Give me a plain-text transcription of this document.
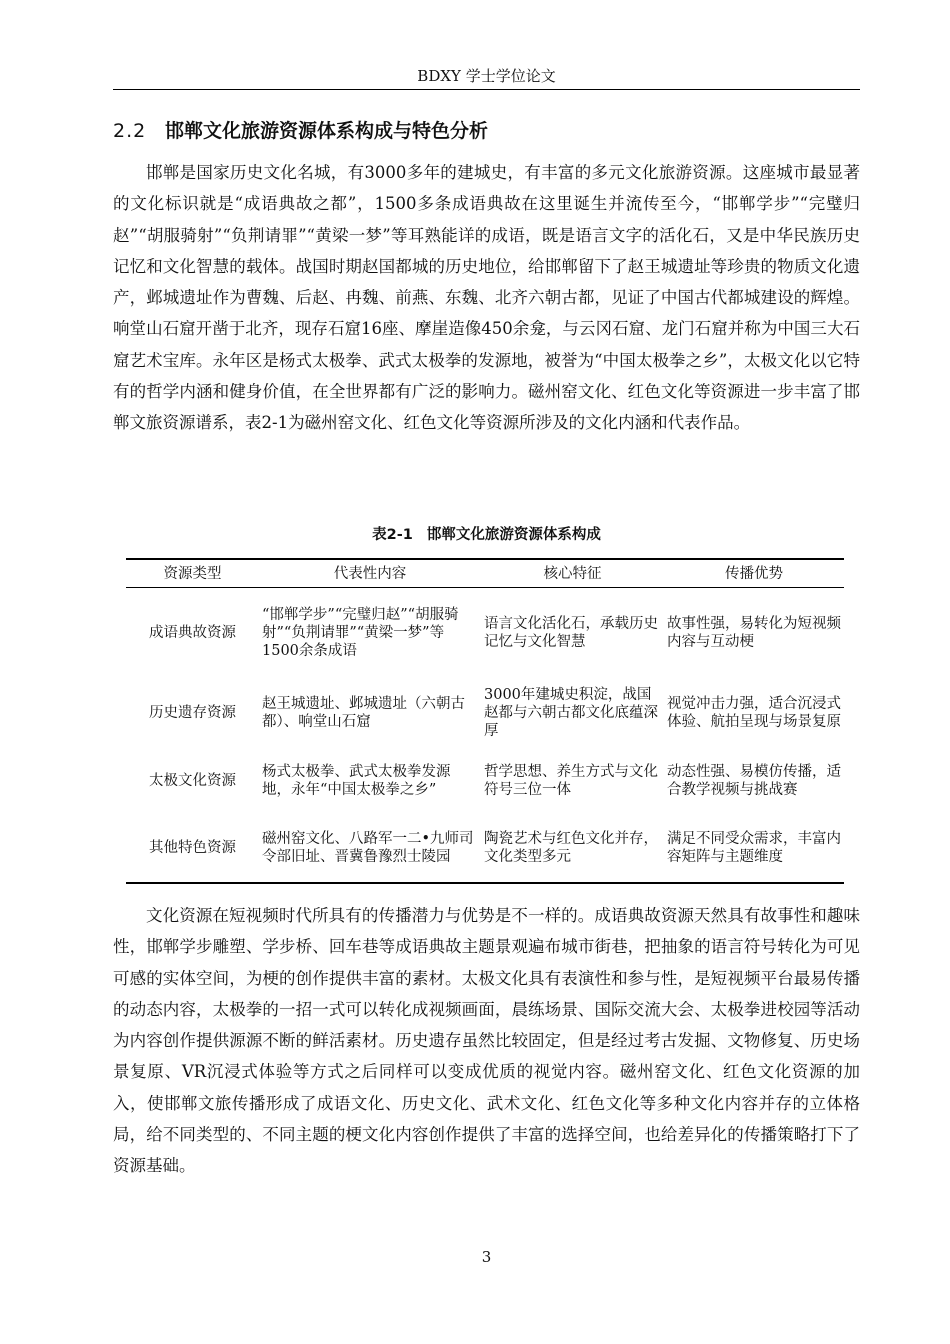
BDXY 学士学位论文
2.2 邯郸文化旅游资源体系构成与特色分析

邯郸是国家历史文化名城，有3000多年的建城史，有丰富的多元文化旅游资源。这座城市最显著的文化标识就是“成语典故之都”，1500多条成语典故在这里诞生并流传至今，“邯郸学步”“完璧归赵”“胡服骑射”“负荆请罪”“黄梁一梦”等耳熟能详的成语，既是语言文字的活化石，又是中华民族历史记忆和文化智慧的载体。战国时期赵国都城的历史地位，给邯郸留下了赵王城遗址等珍贵的物质文化遗产，邺城遗址作为曹魏、后赵、冉魏、前燕、东魏、北齐六朝古都，见证了中国古代都城建设的辉煌。响堂山石窟开凿于北齐，现存石窟16座、摩崖造像450余龛，与云冈石窟、龙门石窟并称为中国三大石窟艺术宝库。永年区是杨式太极拳、武式太极拳的发源地，被誉为“中国太极拳之乡”，太极文化以它特有的哲学内涵和健身价值，在全世界都有广泛的影响力。磁州窑文化、红色文化等资源进一步丰富了邯郸文旅资源谱系，表2-1为磁州窑文化、红色文化等资源所涉及的文化内涵和代表作品。

表2-1 邯郸文化旅游资源体系构成
资源类型	代表性内容	核心特征	传播优势
成语典故资源	“邯郸学步”“完璧归赵”“胡服骑射”“负荆请罪”“黄梁一梦”等1500余条成语	语言文化活化石，承载历史记忆与文化智慧	故事性强，易转化为短视频内容与互动梗
历史遗存资源	赵王城遗址、邺城遗址（六朝古都）、响堂山石窟	3000年建城史积淀，战国赵都与六朝古都文化底蕴深厚	视觉冲击力强，适合沉浸式体验、航拍呈现与场景复原
太极文化资源	杨式太极拳、武式太极拳发源地，永年“中国太极拳之乡”	哲学思想、养生方式与文化符号三位一体	动态性强、易模仿传播，适合教学视频与挑战赛
其他特色资源	磁州窑文化、八路军一二•九师司令部旧址、晋冀鲁豫烈士陵园	陶瓷艺术与红色文化并存，文化类型多元	满足不同受众需求，丰富内容矩阵与主题维度

文化资源在短视频时代所具有的传播潜力与优势是不一样的。成语典故资源天然具有故事性和趣味性，邯郸学步雕塑、学步桥、回车巷等成语典故主题景观遍布城市街巷，把抽象的语言符号转化为可见可感的实体空间，为梗的创作提供丰富的素材。太极文化具有表演性和参与性，是短视频平台最易传播的动态内容，太极拳的一招一式可以转化成视频画面，晨练场景、国际交流大会、太极拳进校园等活动为内容创作提供源源不断的鲜活素材。历史遗存虽然比较固定，但是经过考古发掘、文物修复、历史场景复原、VR沉浸式体验等方式之后同样可以变成优质的视觉内容。磁州窑文化、红色文化资源的加入，使邯郸文旅传播形成了成语文化、历史文化、武术文化、红色文化等多种文化内容并存的立体格局，给不同类型的、不同主题的梗文化内容创作提供了丰富的选择空间，也给差异化的传播策略打下了资源基础。

3
